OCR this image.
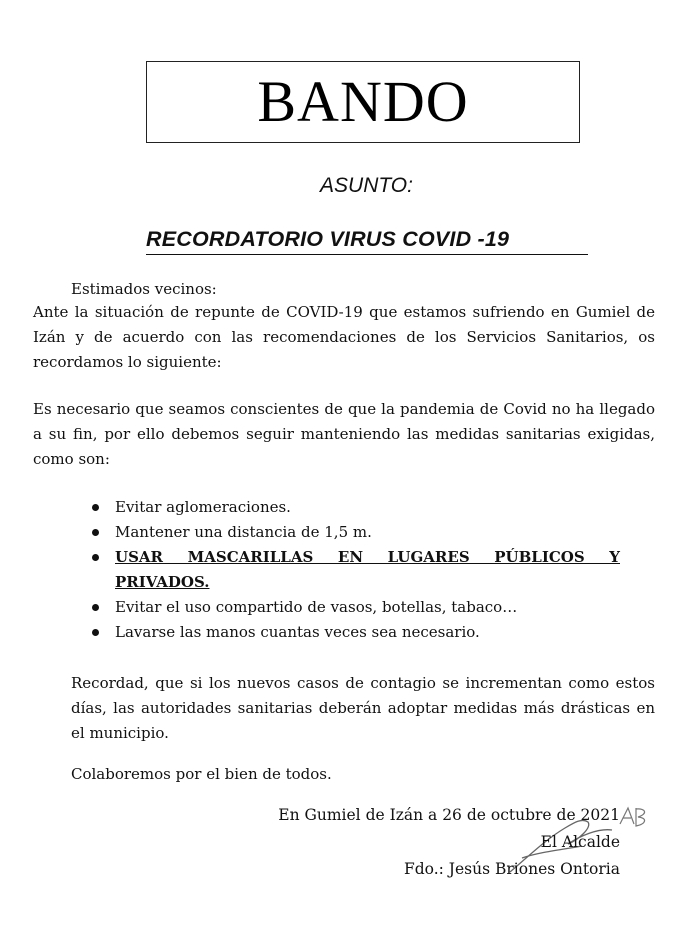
BANDO
ASUNTO:
RECORDATORIO VIRUS COVID -19
Estimados vecinos:
Ante la situación de repunte de COVID-19 que estamos sufriendo en Gumiel de Izán y de acuerdo con las recomendaciones de los Servicios Sanitarios, os recordamos lo siguiente:
Es necesario que seamos conscientes de que la pandemia de Covid no ha llegado a su fin, por ello debemos seguir manteniendo las medidas sanitarias exigidas, como son:
Evitar aglomeraciones.
Mantener una distancia de 1,5 m.
USAR MASCARILLAS EN LUGARES PÚBLICOS Y PRIVADOS.
Evitar el uso compartido de vasos, botellas, tabaco…
Lavarse las manos cuantas veces sea necesario.
Recordad, que si los nuevos casos de contagio se incrementan como estos días, las autoridades sanitarias deberán adoptar medidas más drásticas en el municipio.
Colaboremos por el bien de todos.
En Gumiel de Izán a 26 de octubre de 2021
El Alcalde
Fdo.: Jesús Briones Ontoria
